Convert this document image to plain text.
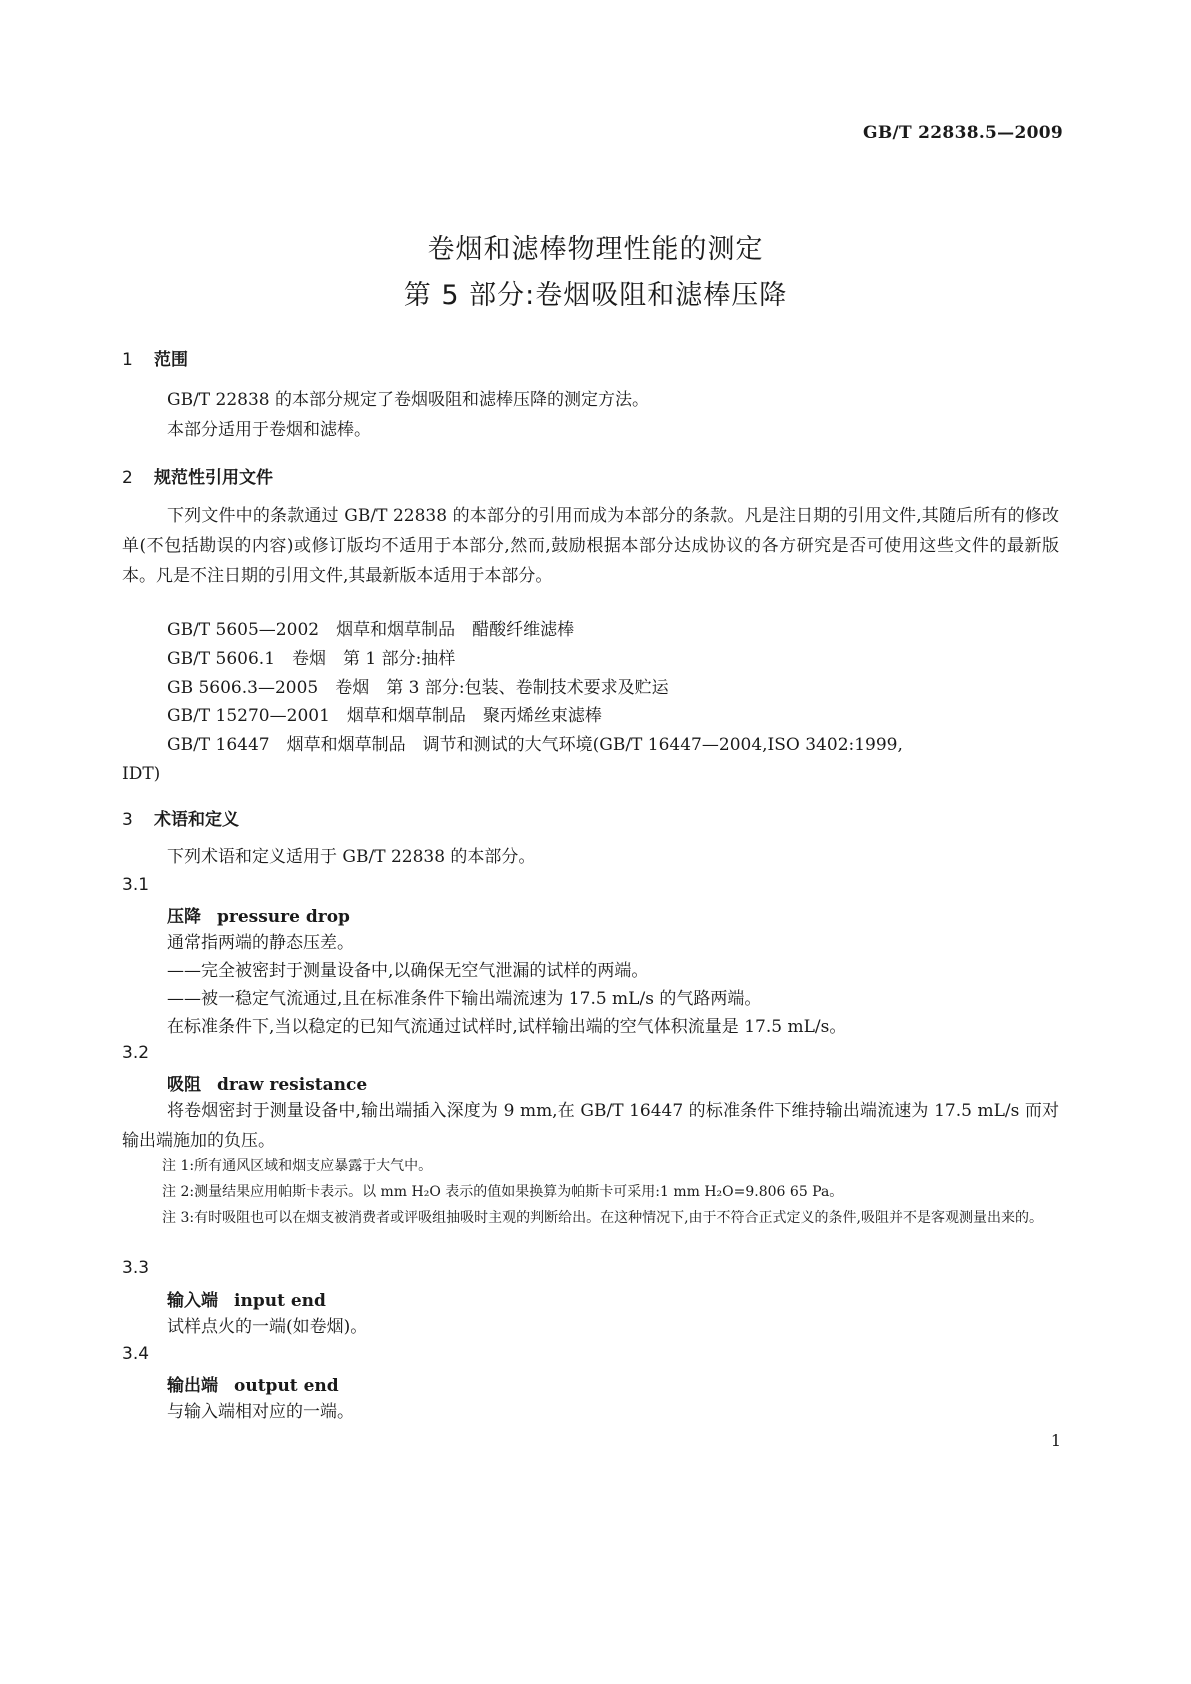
GB/T 22838.5—2009
卷烟和滤棒物理性能的测定
第 5 部分:卷烟吸阻和滤棒压降
1 范围
GB/T 22838 的本部分规定了卷烟吸阻和滤棒压降的测定方法。
本部分适用于卷烟和滤棒。
2 规范性引用文件
下列文件中的条款通过 GB/T 22838 的本部分的引用而成为本部分的条款。凡是注日期的引用文件,其随后所有的修改单(不包括勘误的内容)或修订版均不适用于本部分,然而,鼓励根据本部分达成协议的各方研究是否可使用这些文件的最新版本。凡是不注日期的引用文件,其最新版本适用于本部分。
GB/T 5605—2002　烟草和烟草制品　醋酸纤维滤棒
GB/T 5606.1　卷烟　第 1 部分:抽样
GB 5606.3—2005　卷烟　第 3 部分:包装、卷制技术要求及贮运
GB/T 15270—2001　烟草和烟草制品　聚丙烯丝束滤棒
GB/T 16447　烟草和烟草制品　调节和测试的大气环境(GB/T 16447—2004,ISO 3402:1999,
IDT)
3 术语和定义
下列术语和定义适用于 GB/T 22838 的本部分。
3.1
压降 pressure drop
通常指两端的静态压差。
——完全被密封于测量设备中,以确保无空气泄漏的试样的两端。
——被一稳定气流通过,且在标准条件下输出端流速为 17.5 mL/s 的气路两端。
在标准条件下,当以稳定的已知气流通过试样时,试样输出端的空气体积流量是 17.5 mL/s。
3.2
吸阻 draw resistance
将卷烟密封于测量设备中,输出端插入深度为 9 mm,在 GB/T 16447 的标准条件下维持输出端流速为 17.5 mL/s 而对输出端施加的负压。
注 1:所有通风区域和烟支应暴露于大气中。
注 2:测量结果应用帕斯卡表示。以 mm H₂O 表示的值如果换算为帕斯卡可采用:1 mm H₂O=9.806 65 Pa。
注 3:有时吸阻也可以在烟支被消费者或评吸组抽吸时主观的判断给出。在这种情况下,由于不符合正式定义的条件,吸阻并不是客观测量出来的。
3.3
输入端 input end
试样点火的一端(如卷烟)。
3.4
输出端 output end
与输入端相对应的一端。
1
